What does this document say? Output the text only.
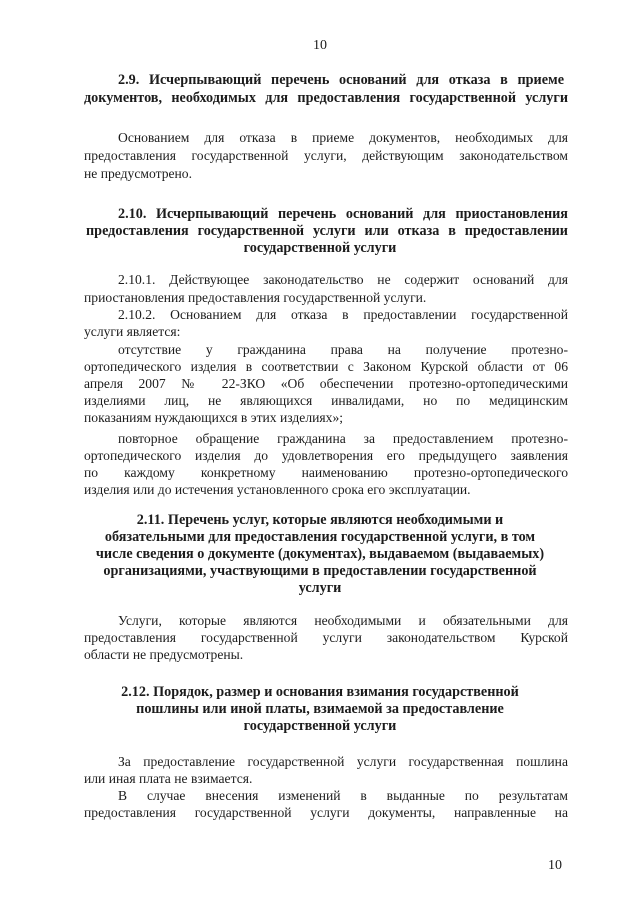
10
2.9. Исчерпывающий перечень оснований для отказа в приеме
документов, необходимых для предоставления государственной услуги
Основанием для отказа в приеме документов, необходимых для
предоставления государственной услуги, действующим законодательством
не предусмотрено.
2.10. Исчерпывающий перечень оснований для приостановления
предоставления государственной услуги или отказа в предоставлении
государственной услуги
2.10.1. Действующее законодательство не содержит оснований для
приостановления предоставления государственной услуги.
2.10.2. Основанием для отказа в предоставлении государственной
услуги является:
отсутствие у гражданина права на получение протезно-
ортопедического изделия в соответствии с Законом Курской области от 06
апреля 2007 № 22-ЗКО «Об обеспечении протезно-ортопедическими
изделиями лиц, не являющихся инвалидами, но по медицинским
показаниям нуждающихся в этих изделиях»;
повторное обращение гражданина за предоставлением протезно-
ортопедического изделия до удовлетворения его предыдущего заявления
по каждому конкретному наименованию протезно-ортопедического
изделия или до истечения установленного срока его эксплуатации.
2.11. Перечень услуг, которые являются необходимыми и
обязательными для предоставления государственной услуги, в том
числе сведения о документе (документах), выдаваемом (выдаваемых)
организациями, участвующими в предоставлении государственной
услуги
Услуги, которые являются необходимыми и обязательными для
предоставления государственной услуги законодательством Курской
области не предусмотрены.
2.12. Порядок, размер и основания взимания государственной
пошлины или иной платы, взимаемой за предоставление
государственной услуги
За предоставление государственной услуги государственная пошлина
или иная плата не взимается.
В случае внесения изменений в выданные по результатам
предоставления государственной услуги документы, направленные на
10
